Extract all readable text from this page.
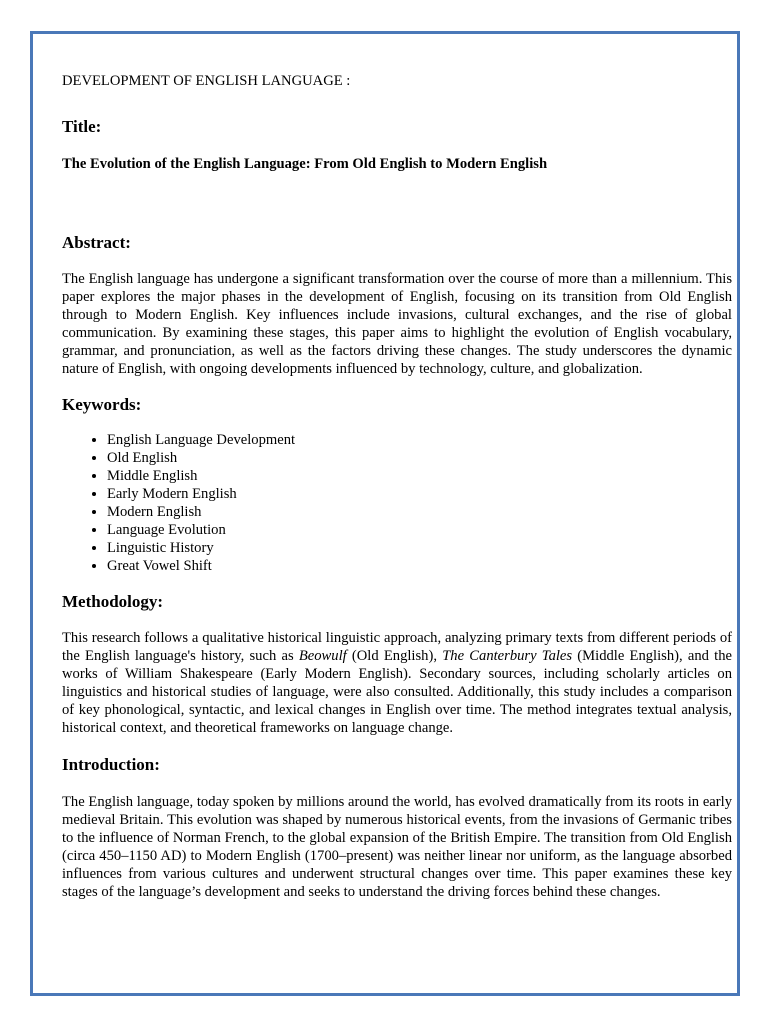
DEVELOPMENT OF ENGLISH LANGUAGE :

Title:

The Evolution of the English Language: From Old English to Modern English

Abstract:

The English language has undergone a significant transformation over the course of more than a millennium. This paper explores the major phases in the development of English, focusing on its transition from Old English through to Modern English. Key influences include invasions, cultural exchanges, and the rise of global communication. By examining these stages, this paper aims to highlight the evolution of English vocabulary, grammar, and pronunciation, as well as the factors driving these changes. The study underscores the dynamic nature of English, with ongoing developments influenced by technology, culture, and globalization.

Keywords:

• English Language Development
• Old English
• Middle English
• Early Modern English
• Modern English
• Language Evolution
• Linguistic History
• Great Vowel Shift

Methodology:

This research follows a qualitative historical linguistic approach, analyzing primary texts from different periods of the English language's history, such as Beowulf (Old English), The Canterbury Tales (Middle English), and the works of William Shakespeare (Early Modern English). Secondary sources, including scholarly articles on linguistics and historical studies of language, were also consulted. Additionally, this study includes a comparison of key phonological, syntactic, and lexical changes in English over time. The method integrates textual analysis, historical context, and theoretical frameworks on language change.

Introduction:

The English language, today spoken by millions around the world, has evolved dramatically from its roots in early medieval Britain. This evolution was shaped by numerous historical events, from the invasions of Germanic tribes to the influence of Norman French, to the global expansion of the British Empire. The transition from Old English (circa 450–1150 AD) to Modern English (1700–present) was neither linear nor uniform, as the language absorbed influences from various cultures and underwent structural changes over time. This paper examines these key stages of the language’s development and seeks to understand the driving forces behind these changes.
